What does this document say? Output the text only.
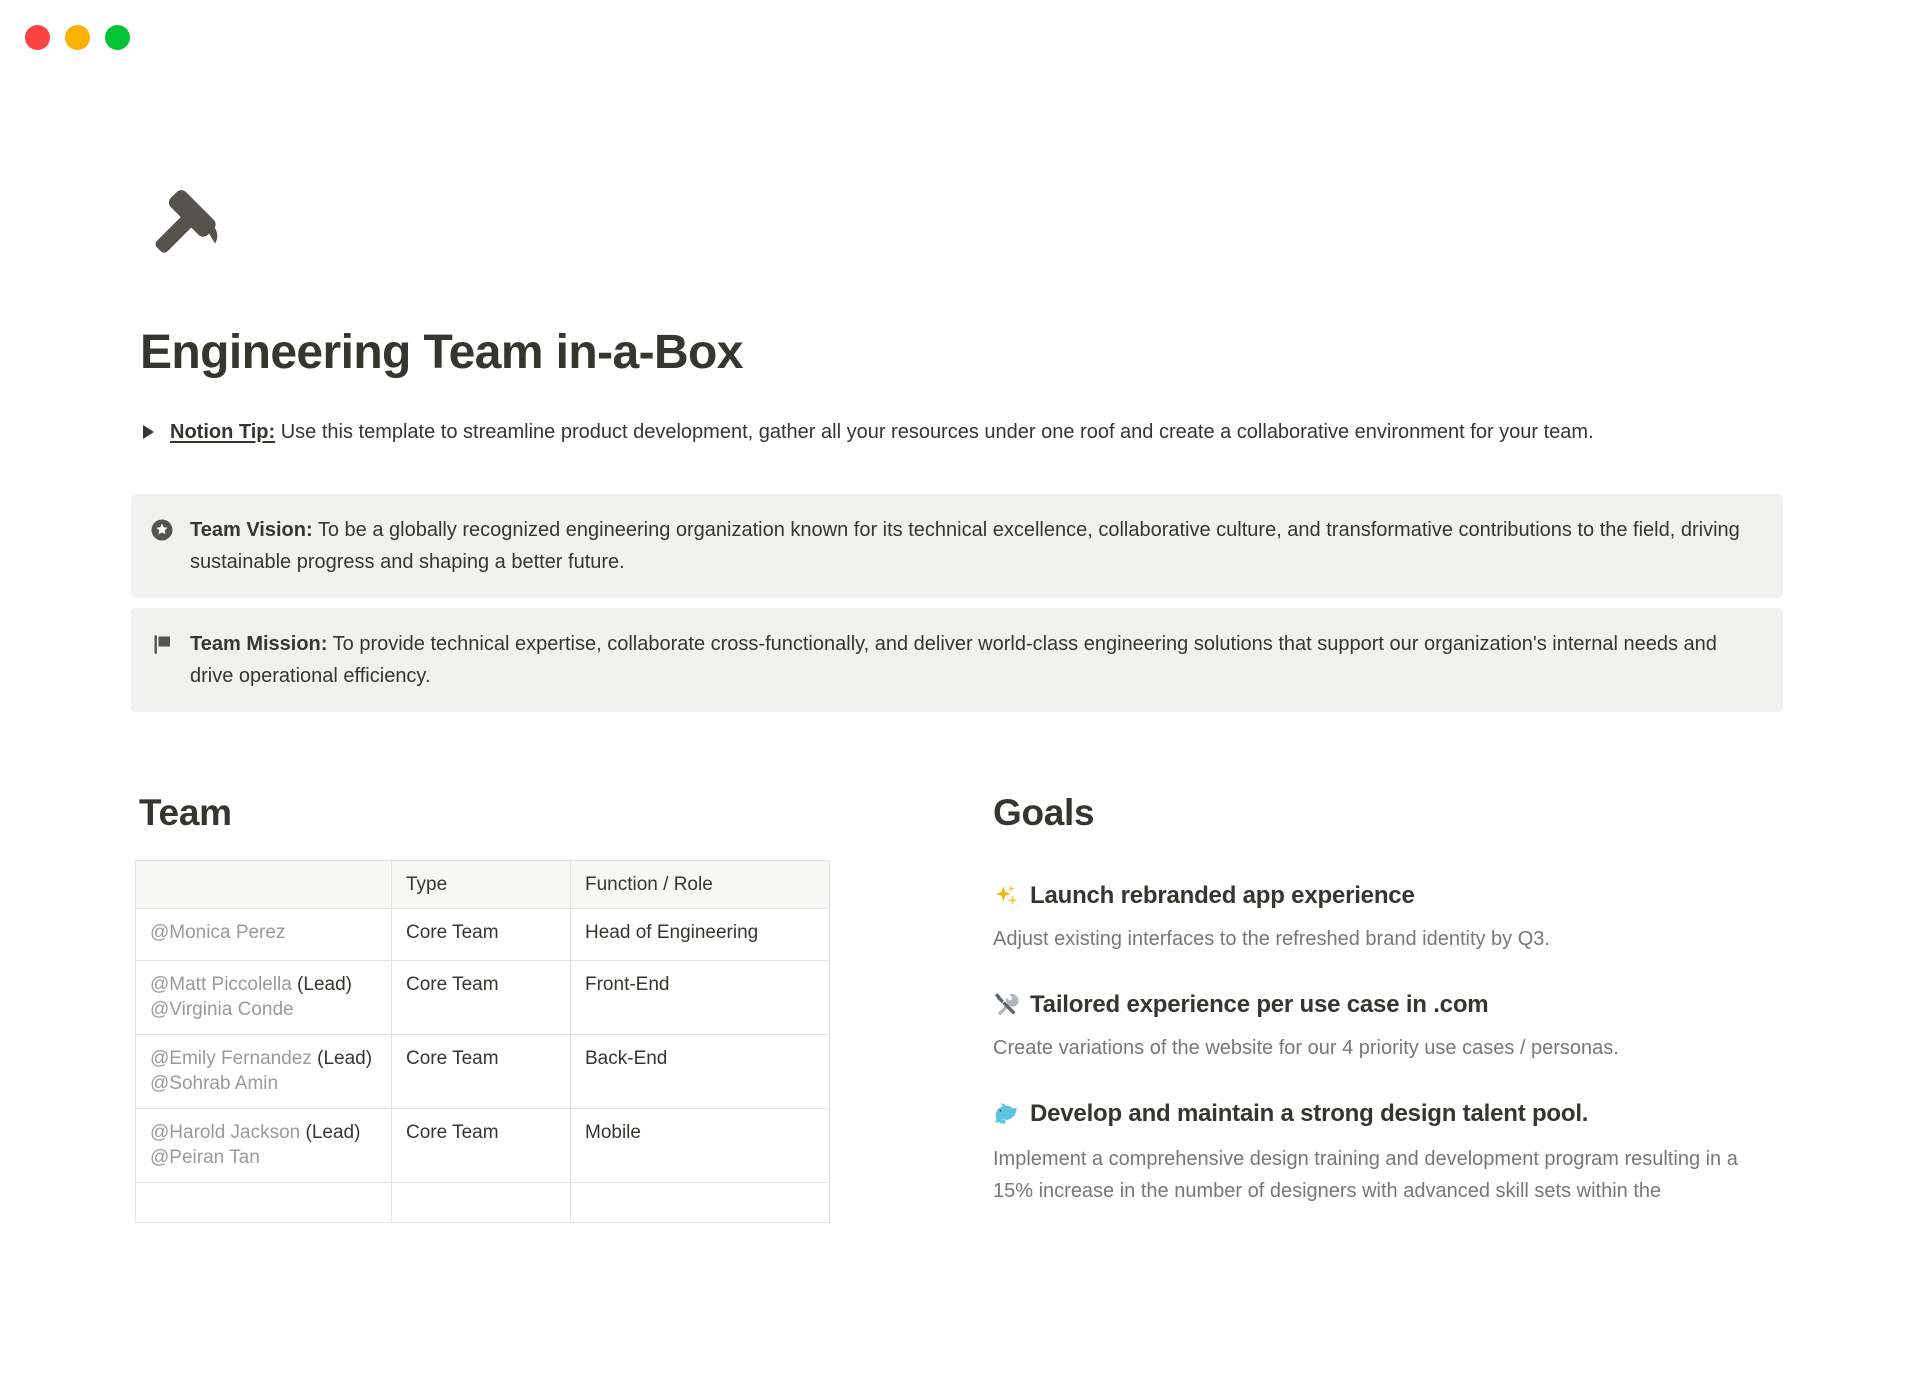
Engineering Team in-a-Box

Notion Tip: Use this template to streamline product development, gather all your resources under one roof and create a collaborative environment for your team.

Team Vision: To be a globally recognized engineering organization known for its technical excellence, collaborative culture, and transformative contributions to the field, driving sustainable progress and shaping a better future.

Team Mission: To provide technical expertise, collaborate cross-functionally, and deliver world-class engineering solutions that support our organization's internal needs and drive operational efficiency.

Team
	Type	Function / Role

@Monica Perez	Core Team	Head of Engineering

@Matt Piccolella (Lead)
@Virginia Conde	Core Team	Front-End

@Emily Fernandez (Lead)
@Sohrab Amin	Core Team	Back-End

@Harold Jackson (Lead)
@Peiran Tan	Core Team	Mobile

Goals
Launch rebranded app experience

Adjust existing interfaces to the refreshed brand identity by Q3.

Tailored experience per use case in .com

Create variations of the website for our 4 priority use cases / personas.

Develop and maintain a strong design talent pool.

Implement a comprehensive design training and development program resulting in a 15% increase in the number of designers with advanced skill sets within the
